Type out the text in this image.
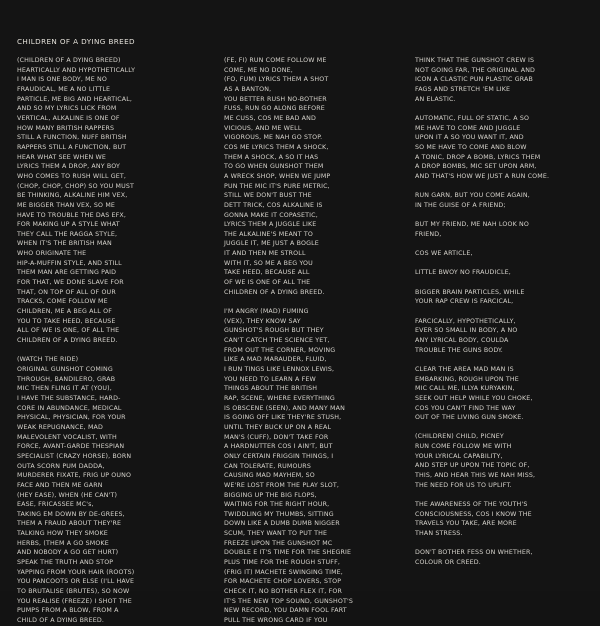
CHILDREN OF A DYING BREED

(CHILDREN OF A DYING BREED)

HEARTICALLY AND HYPOTHETICALLY

I MAN IS ONE BODY, ME NO

FRAUDICAL, ME A NO LITTLE

PARTICLE, ME BIG AND HEARTICAL,

AND SO MY LYRICS LICK FROM

VERTICAL, ALKALINE IS ONE OF

HOW MANY BRITISH RAPPERS

STILL A FUNCTION, NUFF BRITISH

RAPPERS STILL A FUNCTION, BUT

HEAR WHAT SEE WHEN WE

LYRICS THEM A DROP, ANY BOY

WHO COMES TO RUSH WILL GET,

(CHOP, CHOP, CHOP) SO YOU MUST

BE THINKING, ALKALINE HIM VEX,

ME BIGGER THAN VEX, SO ME

HAVE TO TROUBLE THE DAS EFX,

FOR MAKING UP A STYLE WHAT

THEY CALL THE RAGGA STYLE,

WHEN IT'S THE BRITISH MAN

WHO ORIGINATE THE

HIP-A-MUFFIN STYLE, AND STILL

THEM MAN ARE GETTING PAID

FOR THAT, WE DONE SLAVE FOR

THAT, ON TOP OF ALL OF OUR

TRACKS, COME FOLLOW ME

CHILDREN, ME A BEG ALL OF

YOU TO TAKE HEED, BECAUSE

ALL OF WE IS ONE, OF ALL THE

CHILDREN OF A DYING BREED.

(WATCH THE RIDE)

ORIGINAL GUNSHOT COMING

THROUGH, BANDILERO, GRAB

MIC THEN FLING IT AT (YOU),

I HAVE THE SUBSTANCE, HARD-

CORE IN ABUNDANCE, MEDICAL

PHYSICAL, PHYSICIAN, FOR YOUR

WEAK REPUGNANCE, MAD

MALEVOLENT VOCALIST, WITH

FORCE, AVANT-GARDE THESPIAN

SPECIALIST (CRAZY HORSE), BORN

OUTA SCORN PUM DADDA,

MURDERER FIXATE, FRIG UP OUNO

FACE AND THEN ME GARN

(HEY EASE), WHEN (HE CAN'T)

EASE, FRICASSEE MC's,

TAKING EM DOWN BY DE-GREES,

THEM A FRAUD ABOUT THEY'RE

TALKING HOW THEY SMOKE

HERBS, (THEM A GO SMOKE

AND NOBODY A GO GET HURT)

SPEAK THE TRUTH AND STOP

YAPPING FROM YOUR HAIR (ROOTS)

YOU PANCOOTS OR ELSE (I'LL HAVE

TO BRUTALISE (BRUTES), SO NOW

YOU REALISE (FREEZE) I SHOT THE

PUMPS FROM A BLOW, FROM A

CHILD OF A DYING BREED.

(FE, FI) RUN COME FOLLOW ME

COME, ME NO DONE,

(FO, FUM) LYRICS THEM A SHOT

AS A BANTON,

YOU BETTER RUSH NO-BOTHER

FUSS, RUN GO ALONG BEFORE

ME CUSS, COS ME BAD AND

VICIOUS, AND ME WELL

VIGOROUS, ME NAH GO STOP.

COS ME LYRICS THEM A SHOCK,

THEM A SHOCK, A SO IT HAS

TO GO WHEN GUNSHOT THEM

A WRECK SHOP, WHEN WE JUMP

PUN THE MIC IT'S PURE METRIC,

STILL WE DON'T BUST THE

DETT TRICK, COS ALKALINE IS

GONNA MAKE IT COPASETIC,

LYRICS THEM A JUGGLE LIKE

THE ALKALINE'S MEANT TO

JUGGLE IT, ME JUST A BOGLE

IT AND THEN ME STROLL

WITH IT, SO ME A BEG YOU

TAKE HEED, BECAUSE ALL

OF WE IS ONE OF ALL THE

CHILDREN OF A DYING BREED.

I'M ANGRY (MAD) FUMING

(VEX), THEY KNOW SAY

GUNSHOT'S ROUGH BUT THEY

CAN'T CATCH THE SCIENCE YET,

FROM OUT THE CORNER, MOVING

LIKE A MAD MARAUDER, FLUID,

I RUN TINGS LIKE LENNOX LEWIS,

YOU NEED TO LEARN A FEW

THINGS ABOUT THE BRITISH

RAP, SCENE, WHERE EVERYTHING

IS OBSCENE (SEEN), AND MANY MAN

IS GOING OFF LIKE THEY'RE STUSH,

UNTIL THEY BUCK UP ON A REAL

MAN'S (CUFF), DON'T TAKE FOR

A HARDNUTTER COS I AIN'T, BUT

ONLY CERTAIN FRIGGIN THINGS, I

CAN TOLERATE, RUMOURS

CAUSING MAD MAYHEM, SO

WE'RE LOST FROM THE PLAY SLOT,

BIGGING UP THE BIG FLOPS,

WAITING FOR THE RIGHT HOUR,

TWIDDLING MY THUMBS, SITTING

DOWN LIKE A DUMB DUMB NIGGER

SCUM, THEY WANT TO PUT THE

FREEZE UPON THE GUNSHOT MC

DOUBLE E IT'S TIME FOR THE SHEGRIE

PLUS TIME FOR THE ROUGH STUFF,

(FRIG IT) MACHETE SWINGING TIME,

FOR MACHETE CHOP LOVERS, STOP

CHECK IT, NO BOTHER FLEX IT, FOR

IT'S THE NEW TOP SOUND, GUNSHOT'S

NEW RECORD, YOU DAMN FOOL FART

PULL THE WRONG CARD IF YOU

THINK THAT THE GUNSHOT CREW IS

NOT GOING FAR, THE ORIGINAL AND

ICON A CLASTIC PUN PLASTIC GRAB

FAGS AND STRETCH 'EM LIKE

AN ELASTIC.

AUTOMATIC, FULL OF STATIC, A SO

ME HAVE TO COME AND JUGGLE

UPON IT A SO YOU WANT IT, AND

SO ME HAVE TO COME AND BLOW

A TONIC, DROP A BOMB, LYRICS THEM

A DROP BOMBS, MIC SET UPON ARM,

AND THAT'S HOW WE JUST A RUN COME.

RUN GARN, BUT YOU COME AGAIN,

IN THE GUISE OF A FRIEND;

BUT MY FRIEND, ME NAH LOOK NO

FRIEND,

COS WE ARTICLE,

LITTLE BWOY NO FRAUDICLE,

BIGGER BRAIN PARTICLES, WHILE

YOUR RAP CREW IS FARCICAL,

FARCICALLY, HYPOTHETICALLY,

EVER SO SMALL IN BODY, A NO

ANY LYRICAL BODY, COULDA

TROUBLE THE GUNS BODY.

CLEAR THE AREA MAD MAN IS

EMBARKING, ROUGH UPON THE

MIC CALL ME, ILLYA KURYAKIN,

SEEK OUT HELP WHILE YOU CHOKE,

COS YOU CAN'T FIND THE WAY

OUT OF THE LIVING GUN SMOKE.

(CHILDREN) CHILD, PICNEY

RUN COME FOLLOW ME WITH

YOUR LYRICAL CAPABILITY,

AND STEP UP UPON THE TOPIC OF,

THIS, AND HEAR THIS WE NAH MISS,

THE NEED FOR US TO UPLIFT.

THE AWARENESS OF THE YOUTH'S

CONSCIOUSNESS, COS I KNOW THE

TRAVELS YOU TAKE, ARE MORE

THAN STRESS.

DON'T BOTHER FESS ON WHETHER,

COLOUR OR CREED.
